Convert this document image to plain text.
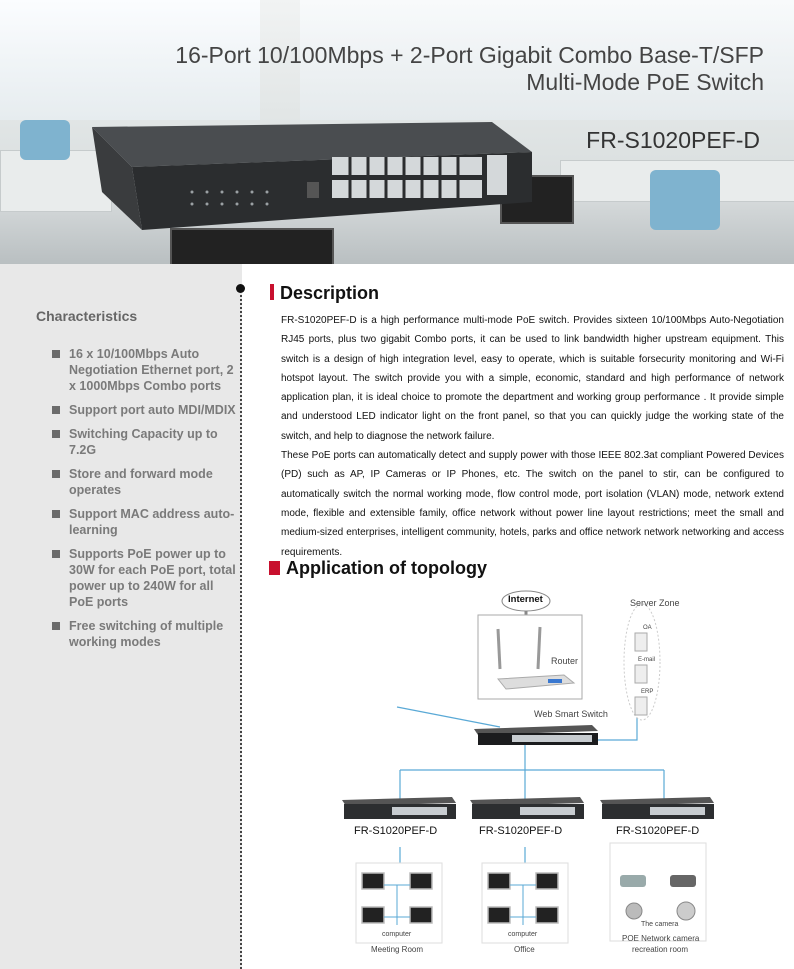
16-Port 10/100Mbps + 2-Port Gigabit Combo Base-T/SFP
Multi-Mode PoE Switch
FR-S1020PEF-D
Characteristics
16 x 10/100Mbps Auto Negotiation Ethernet port, 2 x 1000Mbps Combo ports
Support port auto MDI/MDIX
Switching Capacity up to 7.2G
Store and forward mode operates
Support MAC address auto-learning
Supports PoE power up to 30W for each PoE port, total power up to 240W for all PoE ports
Free switching of multiple working modes
Description

FR-S1020PEF-D is a high performance multi-mode PoE switch. Provides sixteen 10/100Mbps Auto-Negotiation RJ45 ports, plus two gigabit Combo ports, it can be used to link bandwidth higher upstream equipment. This switch is a design of high integration level, easy to operate, which is suitable forsecurity monitoring and Wi-Fi hotspot layout. The switch provide you with a simple, economic, standard and high performance of network application plan, it is ideal choice to promote the department and working group performance . It provide simple and understood LED indicator light on the front panel, so that you can quickly judge the working state of the switch, and help to diagnose the network failure.

These PoE ports can automatically detect and supply power with those IEEE 802.3at compliant Powered Devices (PD) such as AP, IP Cameras or IP Phones, etc. The switch on the panel to stir, can be configured to automatically switch the normal working mode, flow control mode, port isolation (VLAN) mode, network extend mode, flexible and extensible family, office network without power line layout restrictions; meet the small and medium-sized enterprises, intelligent community, hotels, parks and office network network networking and access requirements.

Application of topology
Internet
Router
Server Zone
OA
E-mail
ERP
Web Smart Switch
FR-S1020PEF-D	FR-S1020PEF-D	FR-S1020PEF-D
computer	computer
Meeting Room	Office
The camera
POE Network camera
recreation room
